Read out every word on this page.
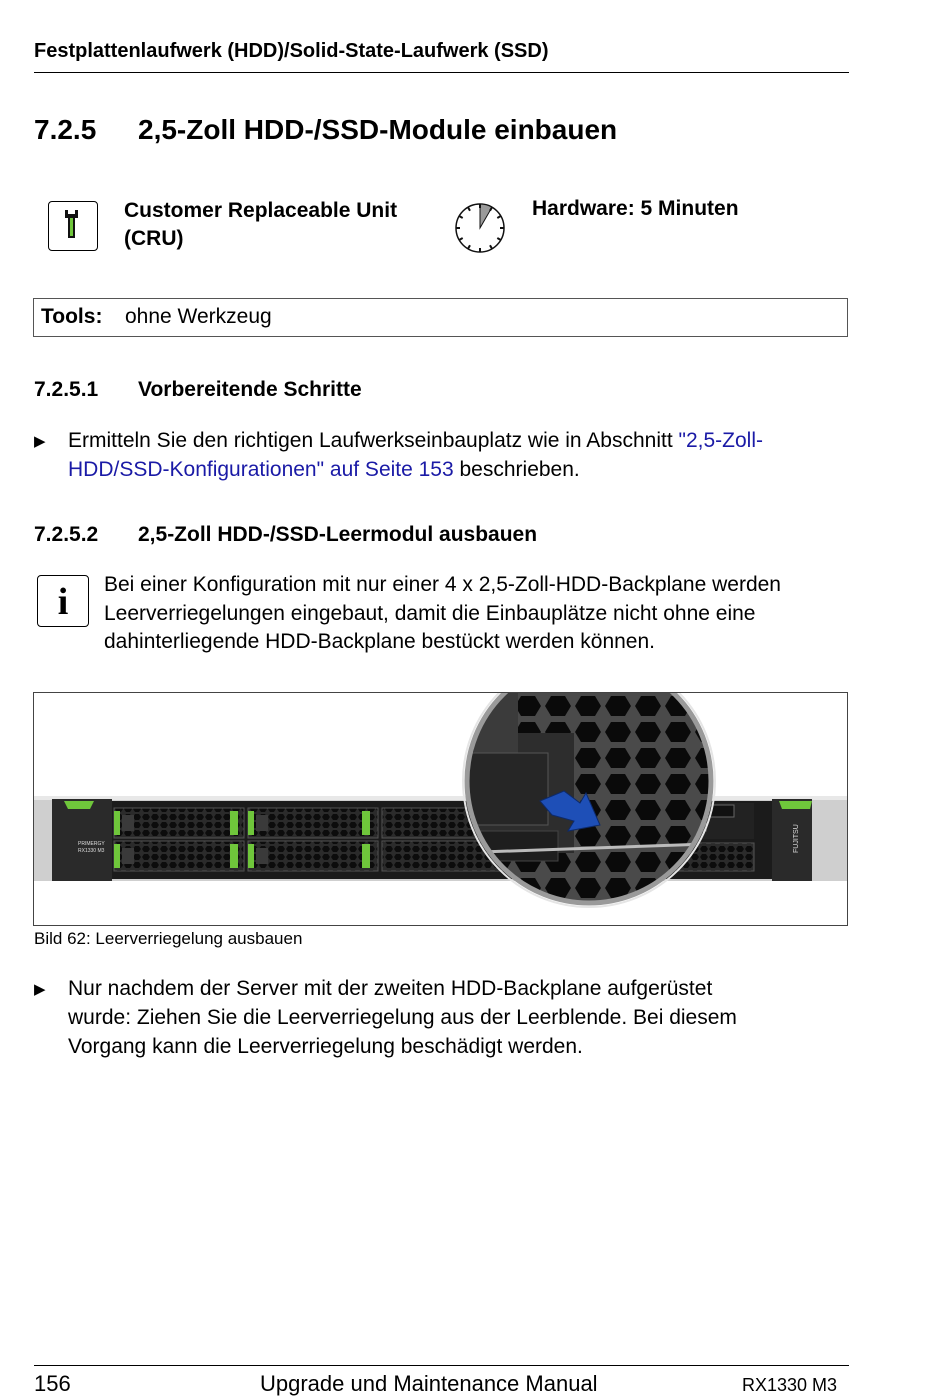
Festplattenlaufwerk (HDD)/Solid-State-Laufwerk (SSD)
7.2.5 2,5-Zoll HDD-/SSD-Module einbauen
Customer Replaceable Unit
(CRU)
Hardware: 5 Minuten
Tools: ohne Werkzeug
7.2.5.1 Vorbereitende Schritte
▶ Ermitteln Sie den richtigen Laufwerkseinbauplatz wie in Abschnitt "2,5-Zoll-
HDD/SSD-Konfigurationen" auf Seite 153 beschrieben.
7.2.5.2 2,5-Zoll HDD-/SSD-Leermodul ausbauen
i	Bei einer Konfiguration mit nur einer 4 x 2,5-Zoll-HDD-Backplane werden
Leerverriegelungen eingebaut, damit die Einbauplätze nicht ohne eine
dahinterliegende HDD-Backplane bestückt werden können.
PRIMERGY
RX1330 M3	FUJITSU
Bild 62: Leerverriegelung ausbauen
▶ Nur nachdem der Server mit der zweiten HDD-Backplane aufgerüstet
wurde: Ziehen Sie die Leerverriegelung aus der Leerblende. Bei diesem
Vorgang kann die Leerverriegelung beschädigt werden.
156	Upgrade und Maintenance Manual	RX1330 M3
